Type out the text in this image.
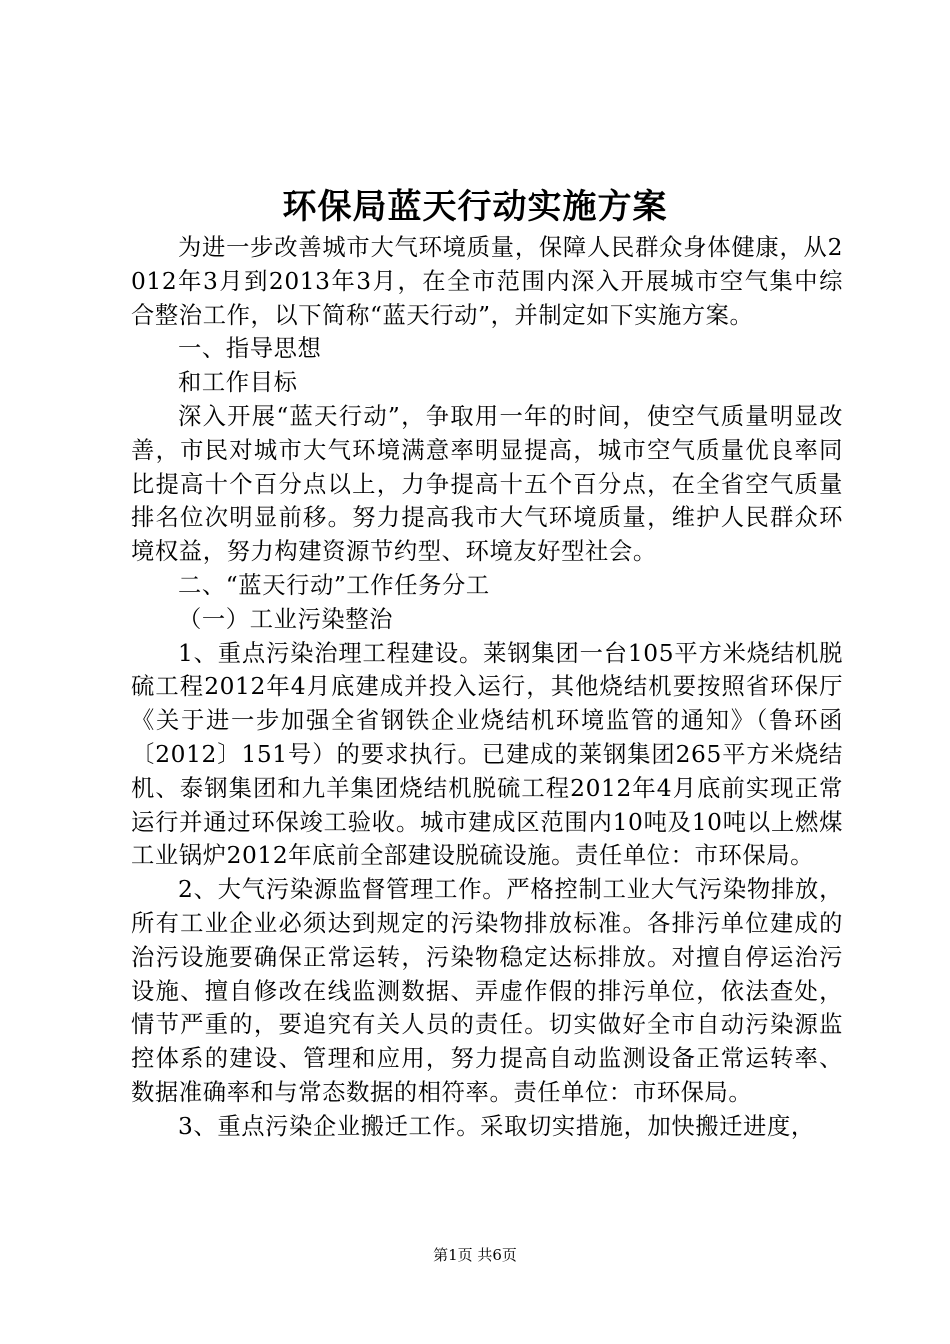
环保局蓝天行动实施方案

为进一步改善城市大气环境质量，保障人民群众身体健康，从2012年3月到2013年3月，在全市范围内深入开展城市空气集中综合整治工作，以下简称“蓝天行动”，并制定如下实施方案。

一、指导思想

和工作目标

深入开展“蓝天行动”，争取用一年的时间，使空气质量明显改善，市民对城市大气环境满意率明显提高，城市空气质量优良率同比提高十个百分点以上，力争提高十五个百分点，在全省空气质量排名位次明显前移。努力提高我市大气环境质量，维护人民群众环境权益，努力构建资源节约型、环境友好型社会。

二、“蓝天行动”工作任务分工

（一）工业污染整治

1、重点污染治理工程建设。莱钢集团一台105平方米烧结机脱硫工程2012年4月底建成并投入运行，其他烧结机要按照省环保厅《关于进一步加强全省钢铁企业烧结机环境监管的通知》（鲁环函〔2012〕151号）的要求执行。已建成的莱钢集团265平方米烧结机、泰钢集团和九羊集团烧结机脱硫工程2012年4月底前实现正常运行并通过环保竣工验收。城市建成区范围内10吨及10吨以上燃煤工业锅炉2012年底前全部建设脱硫设施。责任单位：市环保局。

2、大气污染源监督管理工作。严格控制工业大气污染物排放，所有工业企业必须达到规定的污染物排放标准。各排污单位建成的治污设施要确保正常运转，污染物稳定达标排放。对擅自停运治污设施、擅自修改在线监测数据、弄虚作假的排污单位，依法查处，情节严重的，要追究有关人员的责任。切实做好全市自动污染源监控体系的建设、管理和应用，努力提高自动监测设备正常运转率、数据准确率和与常态数据的相符率。责任单位：市环保局。

3、重点污染企业搬迁工作。采取切实措施，加快搬迁进度，

第1页 共6页
